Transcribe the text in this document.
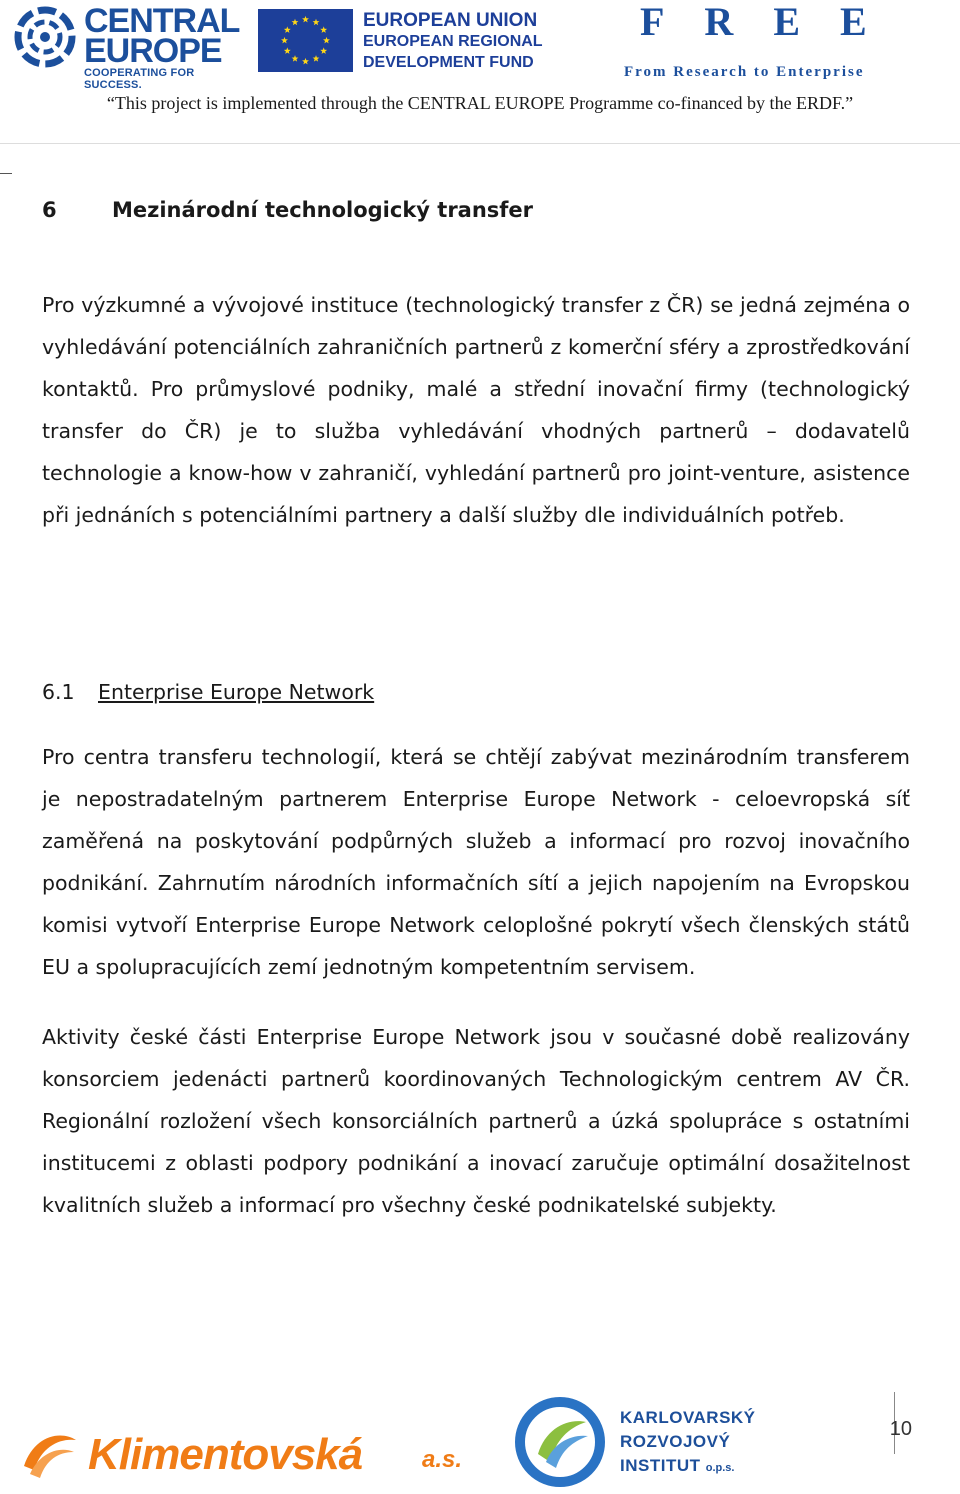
CENTRAL
EUROPE
COOPERATING FOR SUCCESS.
EUROPEAN UNION
EUROPEAN REGIONAL
DEVELOPMENT FUND
FREE
From Research to Enterprise
“This project is implemented through the CENTRAL EUROPE Programme co-financed by the ERDF.”
6	Mezinárodní technologický transfer

Pro výzkumné a vývojové instituce (technologický transfer z ČR) se jedná zejména o vyhledávání potenciálních zahraničních partnerů z komerční sféry a zprostředkování kontaktů. Pro průmyslové podniky, malé a střední inovační firmy (technologický transfer do ČR) je to služba vyhledávání vhodných partnerů – dodavatelů technologie a know-how v zahraničí, vyhledání partnerů pro joint-venture, asistence při jednáních s potenciálními partnery a další služby dle individuálních potřeb.

6.1 Enterprise Europe Network

Pro centra transferu technologií, která se chtějí zabývat mezinárodním transferem je nepostradatelným partnerem Enterprise Europe Network - celoevropská síť zaměřená na poskytování podpůrných služeb a informací pro rozvoj inovačního podnikání. Zahrnutím národních informačních sítí a jejich napojením na Evropskou komisi vytvoří Enterprise Europe Network celoplošné pokrytí všech členských států EU a spolupracujících zemí jednotným kompetentním servisem.

Aktivity české části Enterprise Europe Network jsou v současné době realizovány konsorciem jedenácti partnerů koordinovaných Technologickým centrem AV ČR. Regionální rozložení všech konsorciálních partnerů a úzká spolupráce s ostatními institucemi z oblasti podpory podnikání a inovací zaručuje optimální dosažitelnost kvalitních služeb a informací pro všechny české podnikatelské subjekty.

Klimentovská a.s.
KARLOVARSKÝ
ROZVOJOVÝ
INSTITUT o.p.s.
10
